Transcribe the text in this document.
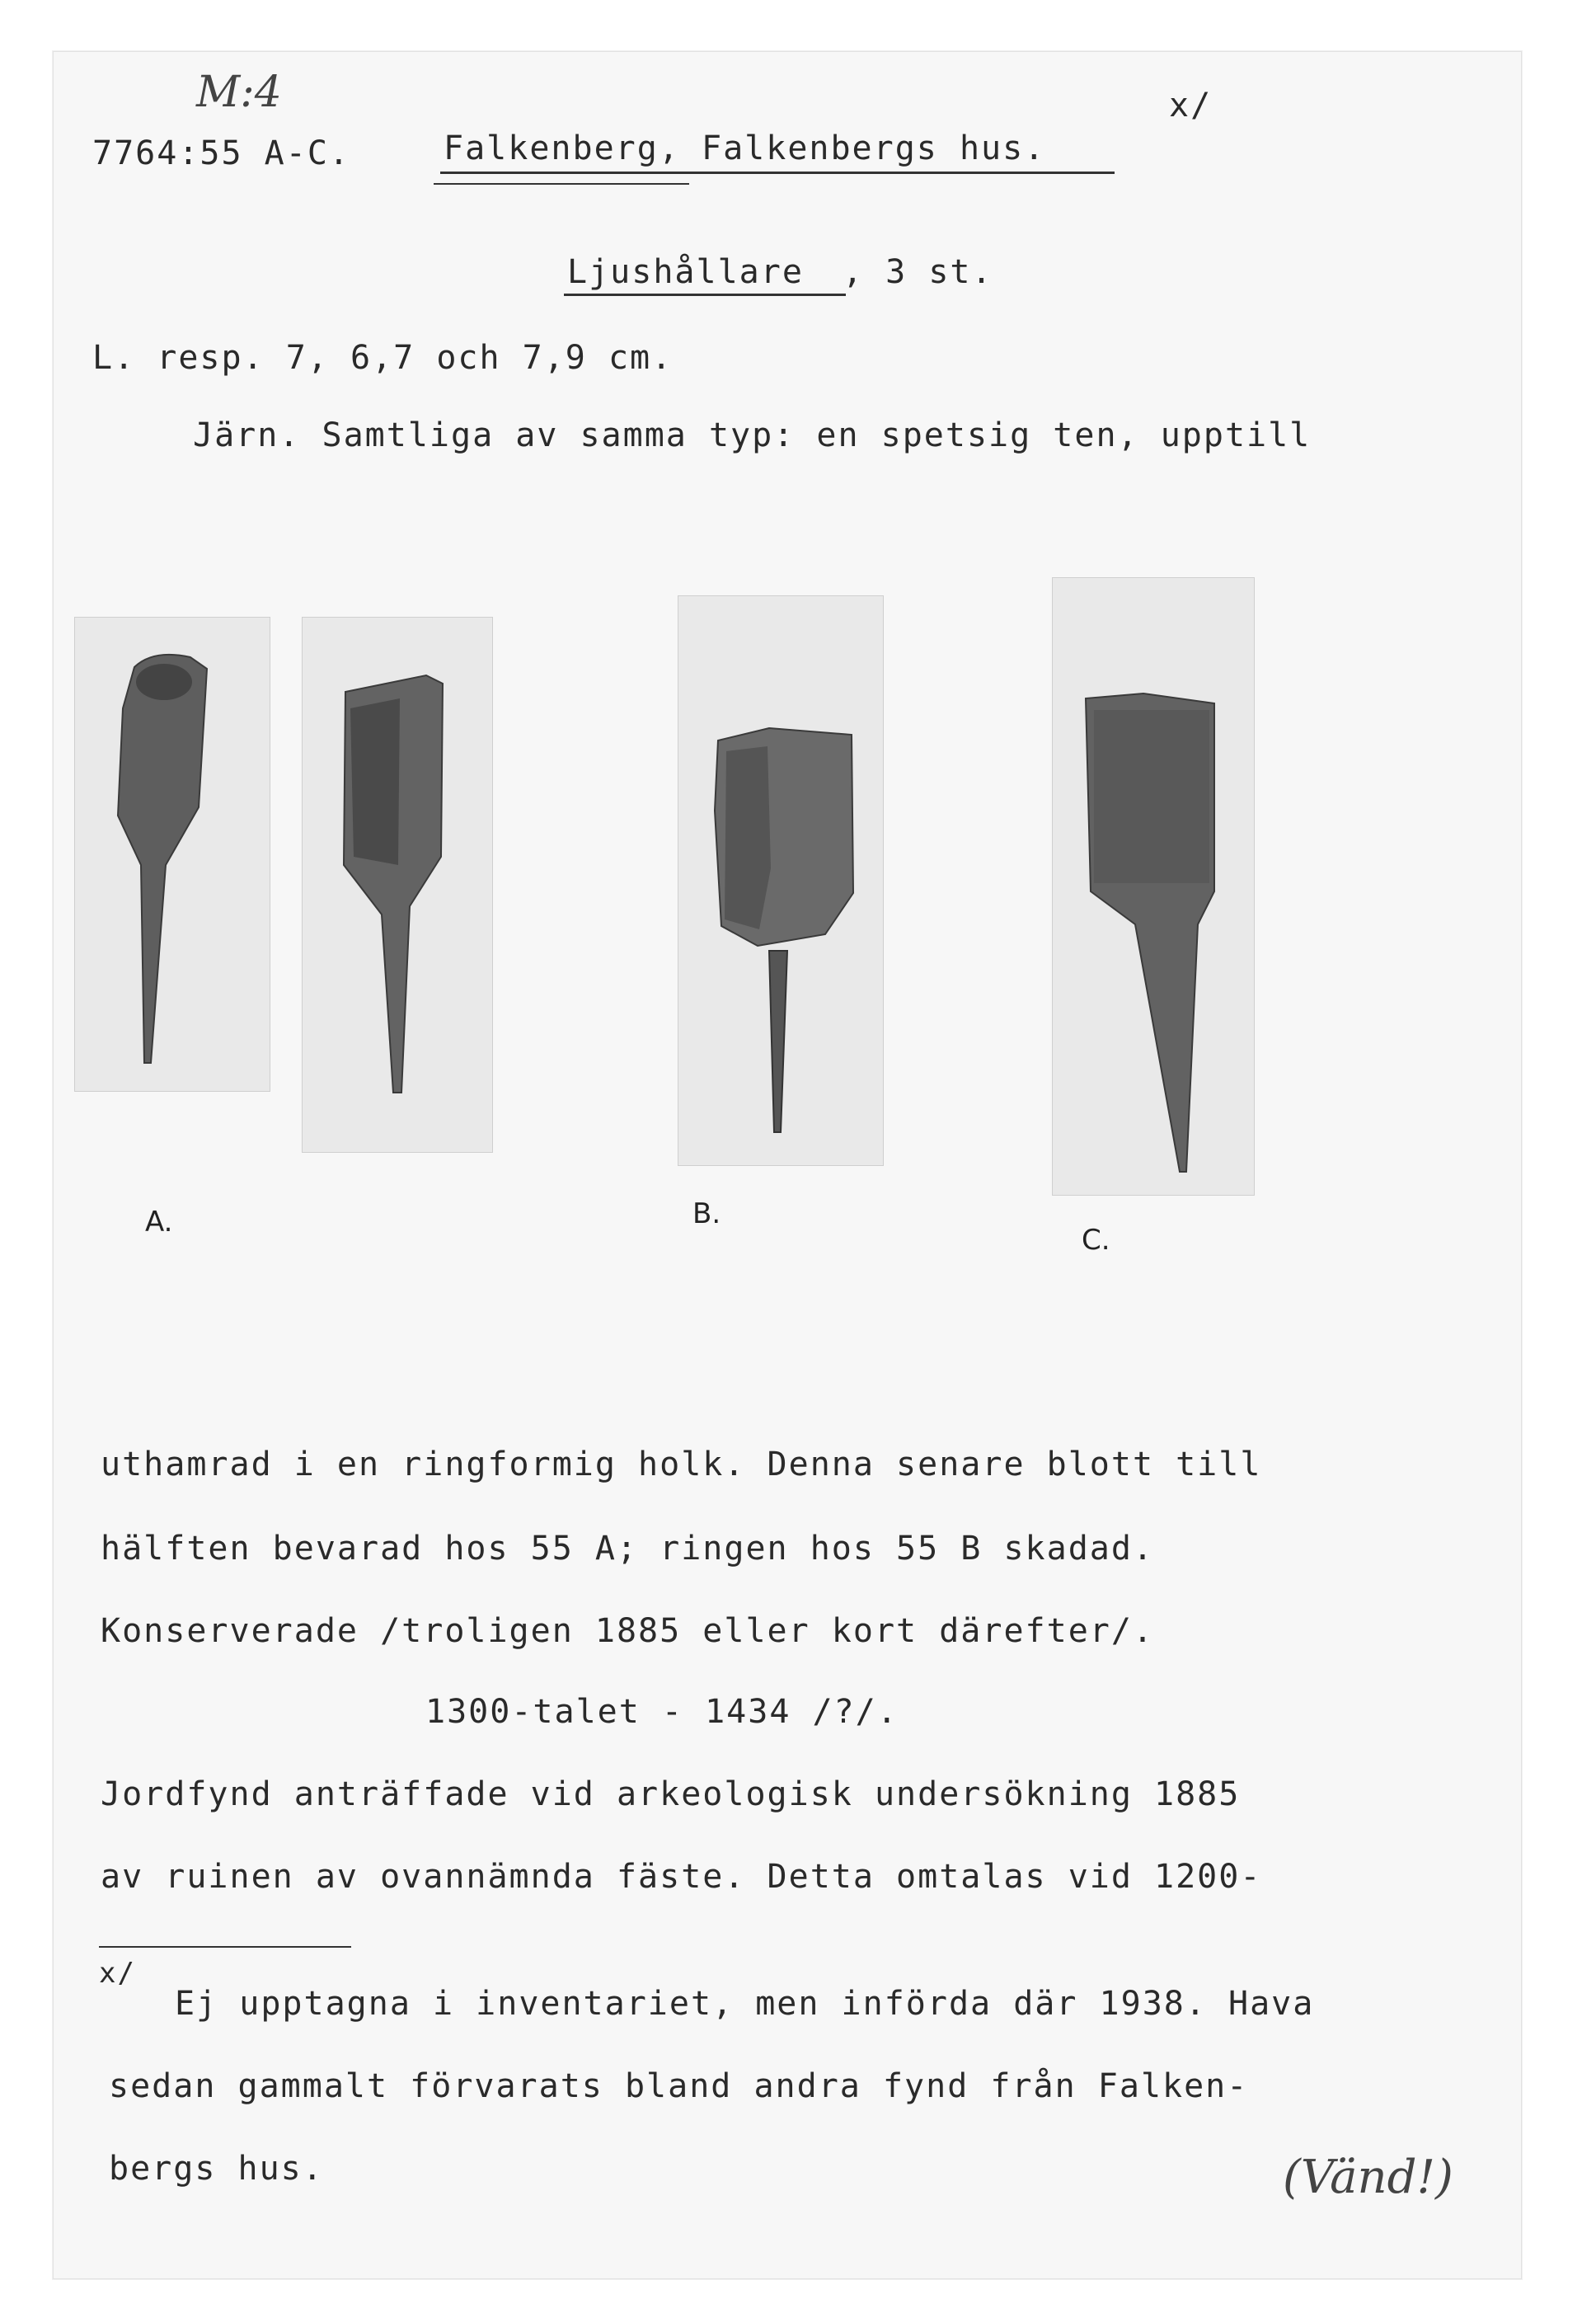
M:4	x/
7764:55 A-C.	Falkenberg, Falkenbergs hus.
Ljushållare , 3 st.
L. resp. 7, 6,7 och 7,9 cm.
Järn. Samtliga av samma typ: en spetsig ten, upptill
A.	B.
C.
uthamrad i en ringformig holk. Denna senare blott till
hälften bevarad hos 55 A; ringen hos 55 B skadad.
Konserverade /troligen 1885 eller kort därefter/.
1300-talet - 1434 /?/.
Jordfynd anträffade vid arkeologisk undersökning 1885
av ruinen av ovannämnda fäste. Detta omtalas vid 1200-
x/
Ej upptagna i inventariet, men införda där 1938. Hava
sedan gammalt förvarats bland andra fynd från Falken-
bergs hus.	(Vänd!)
